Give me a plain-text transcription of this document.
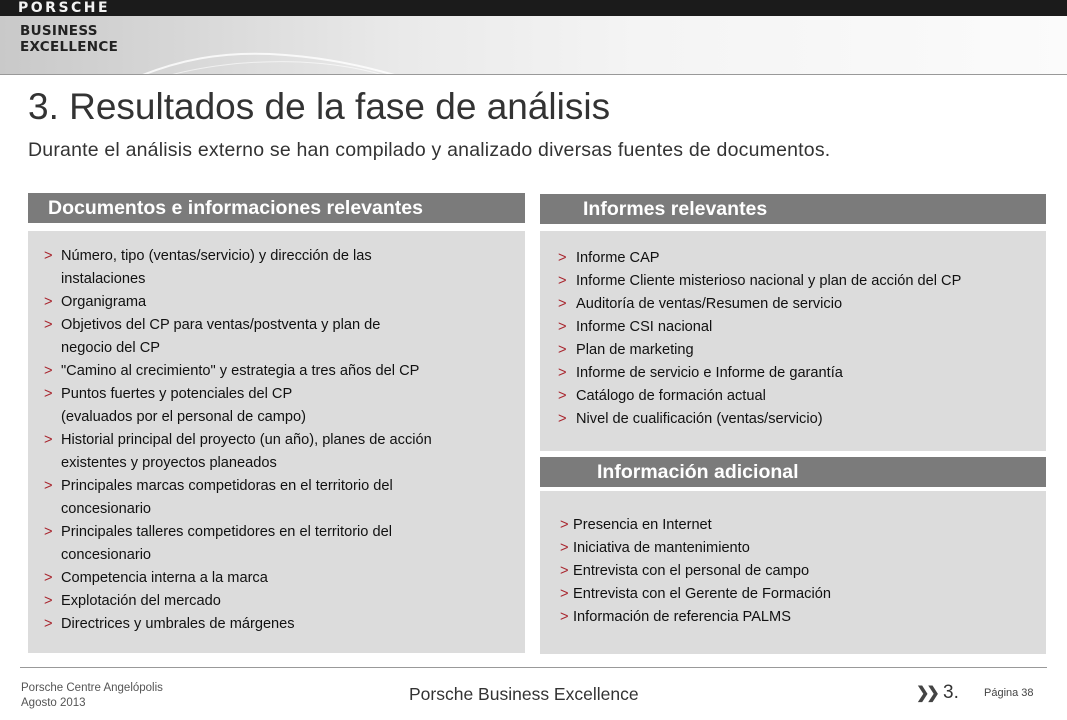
PORSCHE
BUSINESS
EXCELLENCE
3. Resultados de la fase de análisis
Durante el análisis externo se han compilado y analizado diversas fuentes de documentos.
Documentos e informaciones relevantes
> Número, tipo (ventas/servicio) y dirección de las
instalaciones
> Organigrama
> Objetivos del CP para ventas/postventa y plan de
negocio del CP
> "Camino al crecimiento" y estrategia a tres años del CP
> Puntos fuertes y potenciales del CP
(evaluados por el personal de campo)
> Historial principal del proyecto (un año), planes de acción
existentes y proyectos planeados
> Principales marcas competidoras en el territorio del
concesionario
> Principales talleres competidores en el territorio del
concesionario
> Competencia interna a la marca
> Explotación del mercado
> Directrices y umbrales de márgenes
Informes relevantes
> Informe CAP
> Informe Cliente misterioso nacional y plan de acción del CP
> Auditoría de ventas/Resumen de servicio
> Informe CSI nacional
> Plan de marketing
> Informe de servicio e Informe de garantía
> Catálogo de formación actual
> Nivel de cualificación (ventas/servicio)
Información adicional
> Presencia en Internet
> Iniciativa de mantenimiento
> Entrevista con el personal de campo
> Entrevista con el Gerente de Formación
> Información de referencia PALMS
Porsche Centre Angelópolis
Agosto 2013	Porsche Business Excellence	❯❯ 3. Página 38
